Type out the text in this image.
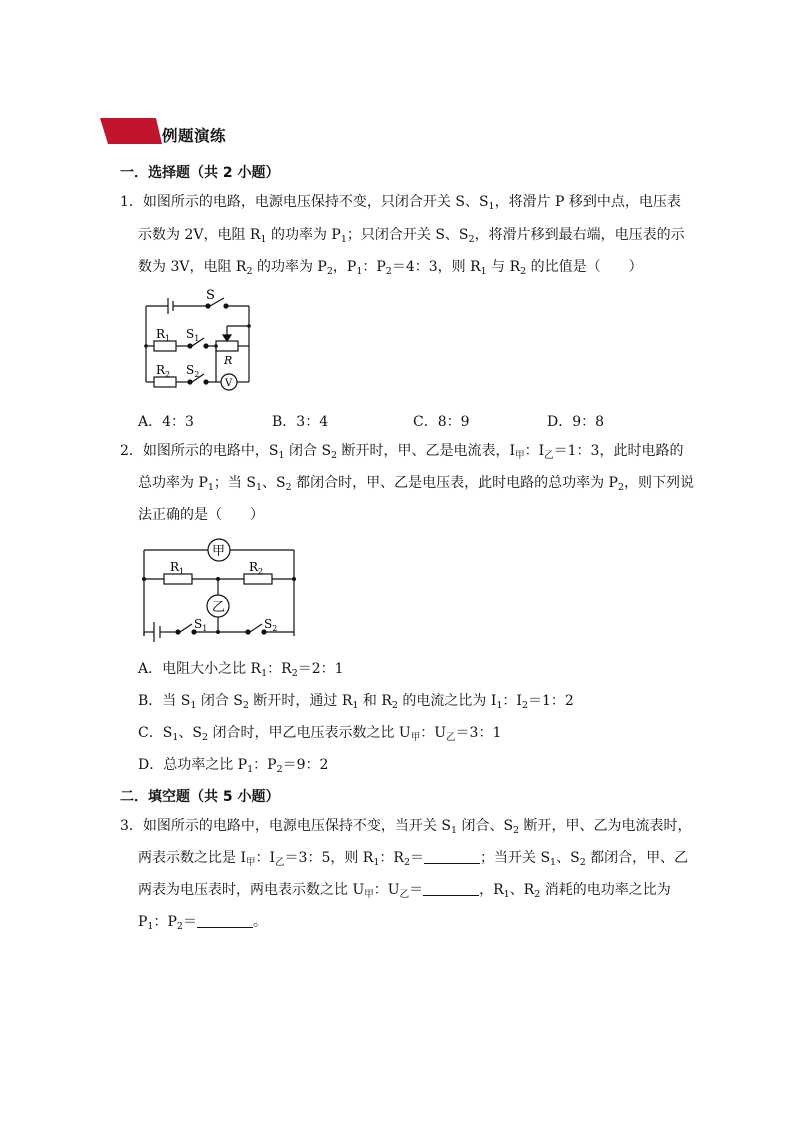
例题演练
一．选择题（共 2 小题）
1．如图所示的电路，电源电压保持不变，只闭合开关 S、$S_1$，将滑片 P 移到中点，电压表
示数为 2V，电阻 $R_1$ 的功率为 $P_1$；只闭合开关 S、$S_2$，将滑片移到最右端，电压表的示
数为 3V，电阻 $R_2$ 的功率为 $P_2$，$P_1$：$P_2=4$：3，则 $R_1$ 与 $R_2$ 的比值是（　　）
S
$R_1$ $S_1$
R
$R_2$ $S_2$
V
A．4：3	B．3：4	C．8：9	D．9：8
2．如图所示的电路中，$S_1$ 闭合 $S_2$ 断开时，甲、乙是电流表，$I_甲$：$I_乙=1$：3，此时电路的
总功率为 $P_1$；当 $S_1$、$S_2$ 都闭合时，甲、乙是电压表，此时电路的总功率为 $P_2$，则下列说
法正确的是（　　）
甲
乙
$R_1$	$R_2$
$S_1$	$S_2$
A．电阻大小之比 $R_1$：$R_2=2$：1
B．当 $S_1$ 闭合 $S_2$ 断开时，通过 $R_1$ 和 $R_2$ 的电流之比为 $I_1$：$I_2=1$：2
C．$S_1$、$S_2$ 闭合时，甲乙电压表示数之比 $U_甲$：$U_乙=3$：1
D．总功率之比 $P_1$：$P_2=9$：2
二．填空题（共 5 小题）
3．如图所示的电路中，电源电压保持不变，当开关 $S_1$ 闭合、$S_2$ 断开，甲、乙为电流表时，
两表示数之比是 $I_甲$：$I_乙=3$：5，则 $R_1$：$R_2=$	；当开关 $S_1$、$S_2$ 都闭合，甲、乙
两表为电压表时，两电表示数之比 $U_甲$：$U_乙=$	，$R_1$、$R_2$ 消耗的电功率之比为
$P_1$：$P_2=$	。
